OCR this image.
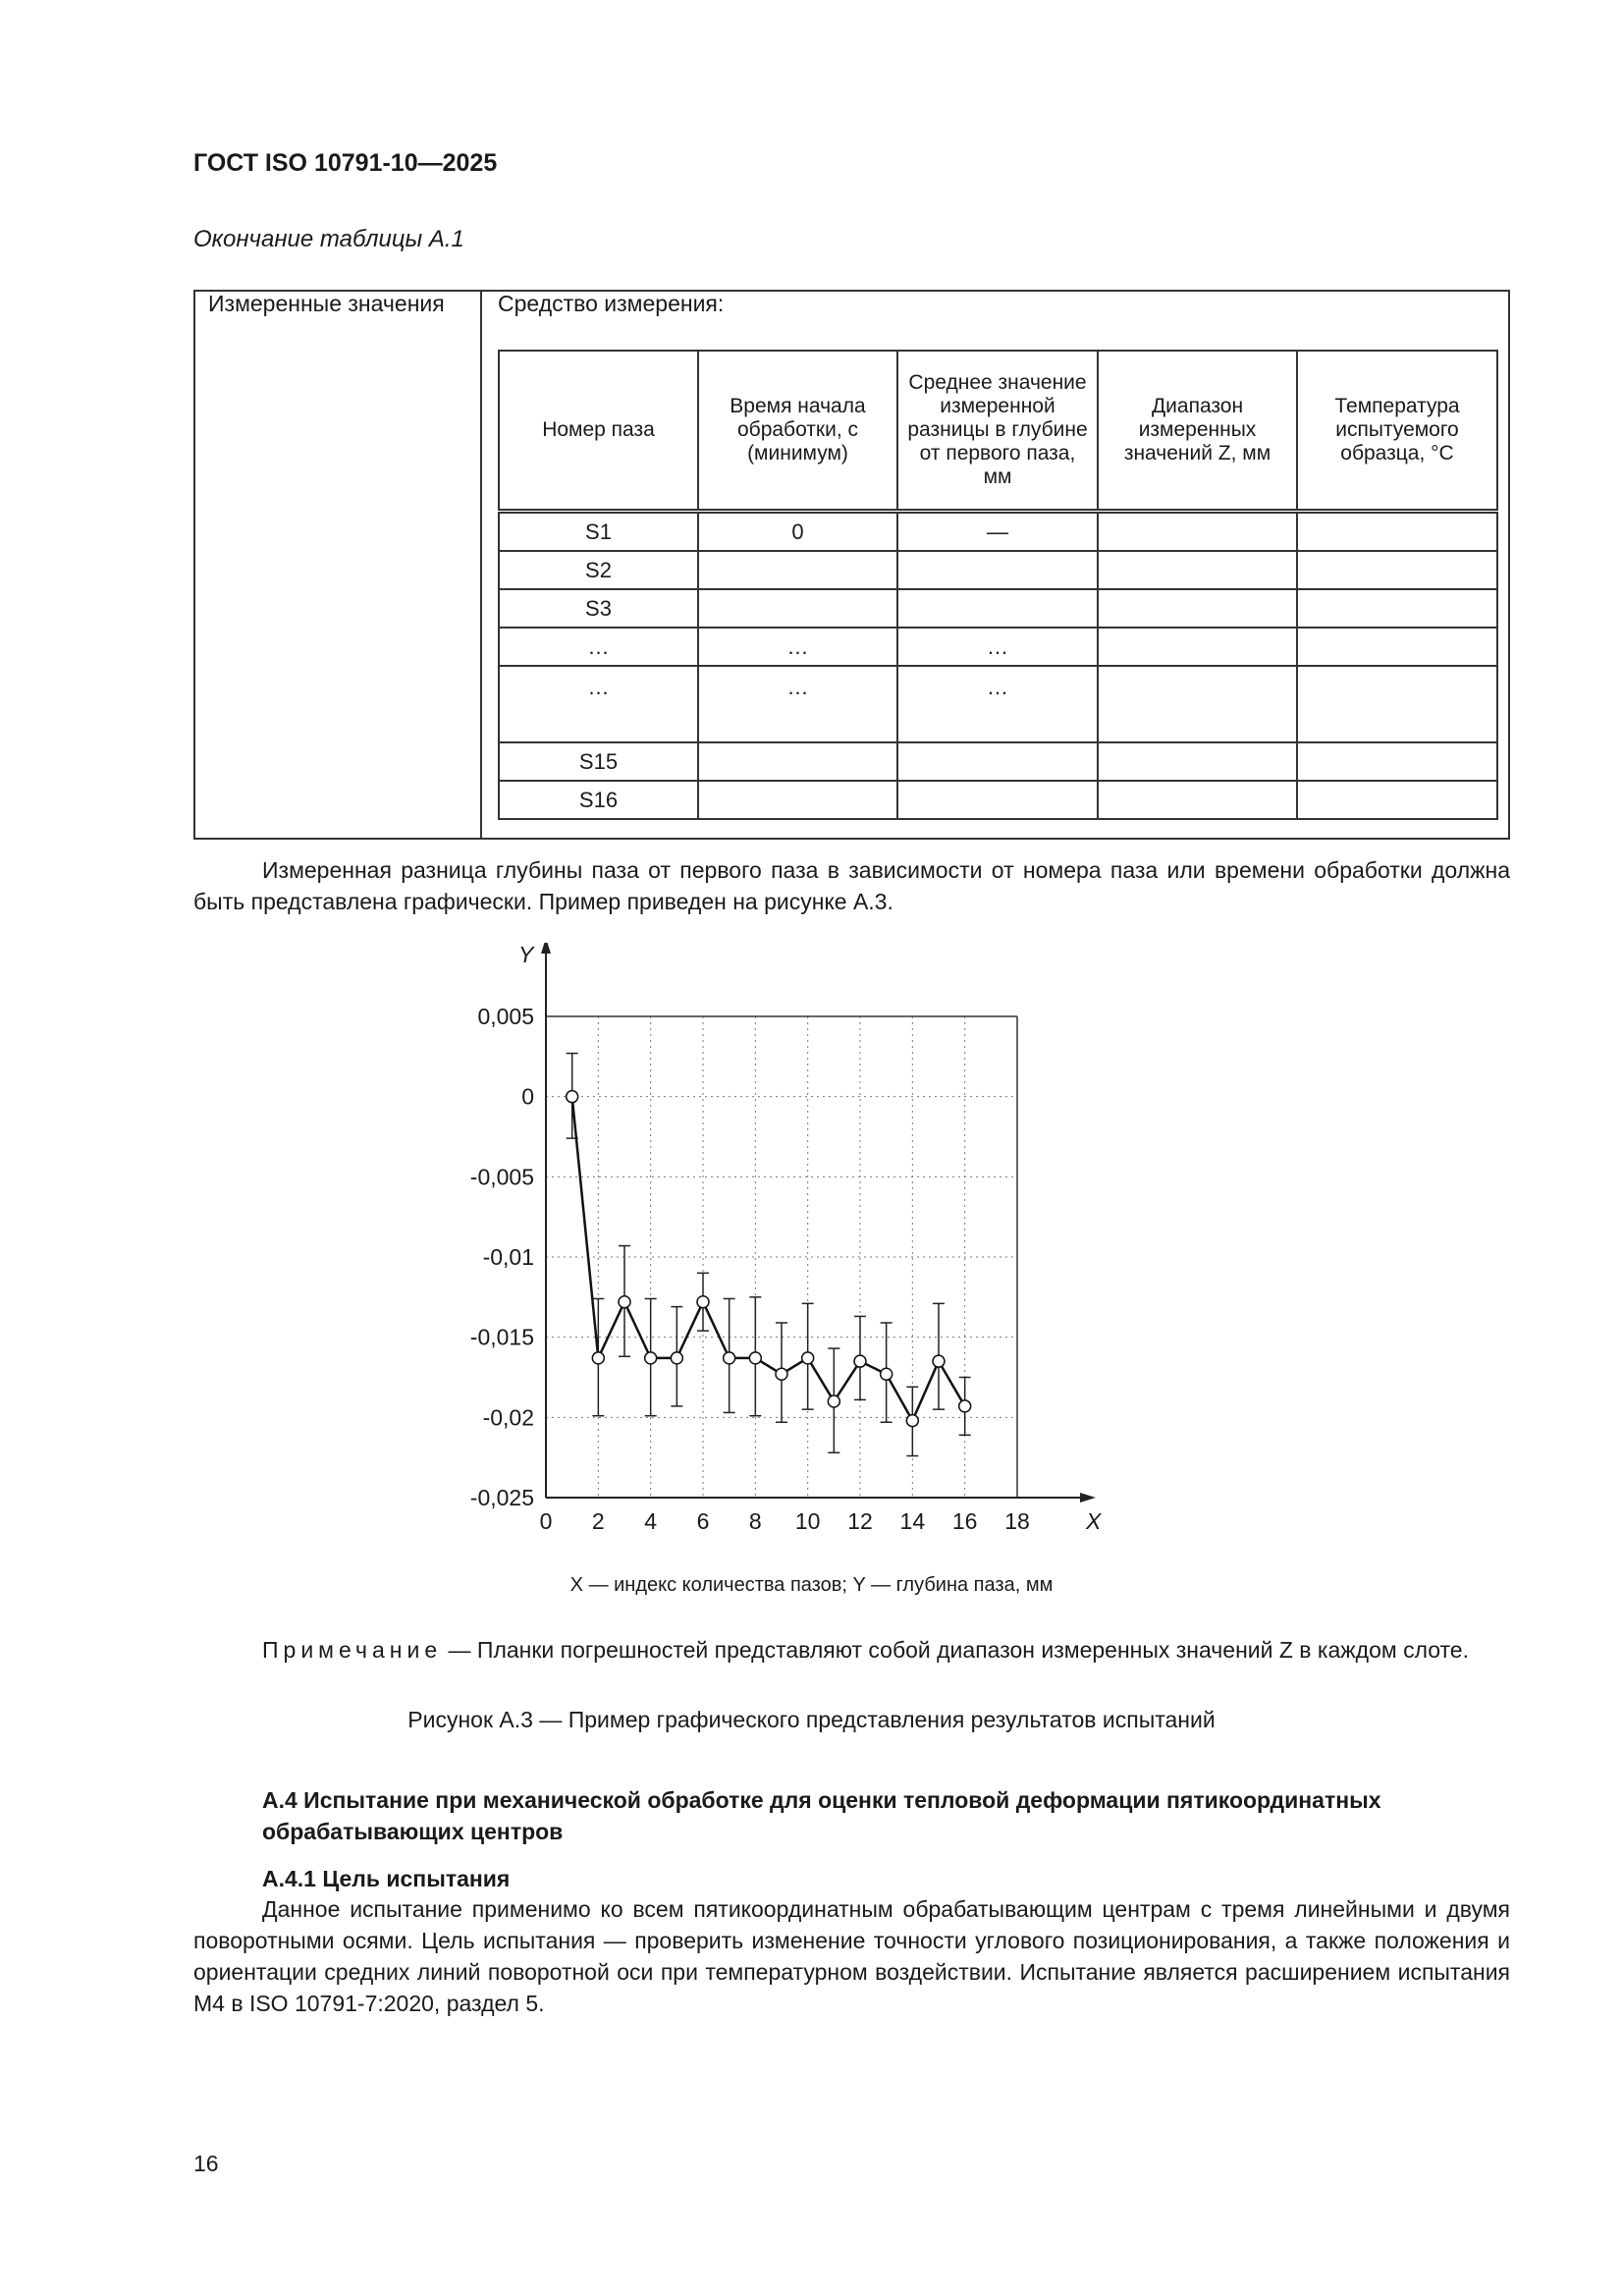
ГОСТ ISO 10791-10—2025
Окончание таблицы А.1
Измеренные значения Средство измерения:
Номер паза	Время начала обработки, с (минимум)	Среднее значение измеренной разницы в глубине от первого паза, мм	Диапазон измеренных значений Z, мм	Температура испытуемого образца, °C
S1	0	—		
S2				
S3				
…	…	…		
…	…	…		
S15				
S16				
Измеренная разница глубины паза от первого паза в зависимости от номера паза или времени обработки должна быть представлена графически. Пример приведен на рисунке А.3.
0 2 4 6 8 10 12 14 16 18
0,005
0
-0,005
-0,01
-0,015
-0,02
-0,025
X
Y
X — индекс количества пазов; Y — глубина паза, мм
Примечание — Планки погрешностей представляют собой диапазон измеренных значений Z в каждом слоте.
Рисунок А.3 — Пример графического представления результатов испытаний
А.4 Испытание при механической обработке для оценки тепловой деформации пятикоординатных обрабатывающих центров
А.4.1 Цель испытания
Данное испытание применимо ко всем пятикоординатным обрабатывающим центрам с тремя линейными и двумя поворотными осями. Цель испытания — проверить изменение точности углового позиционирования, а также положения и ориентации средних линий поворотной оси при температурном воздействии. Испытание является расширением испытания М4 в ISO 10791-7:2020, раздел 5.
16
